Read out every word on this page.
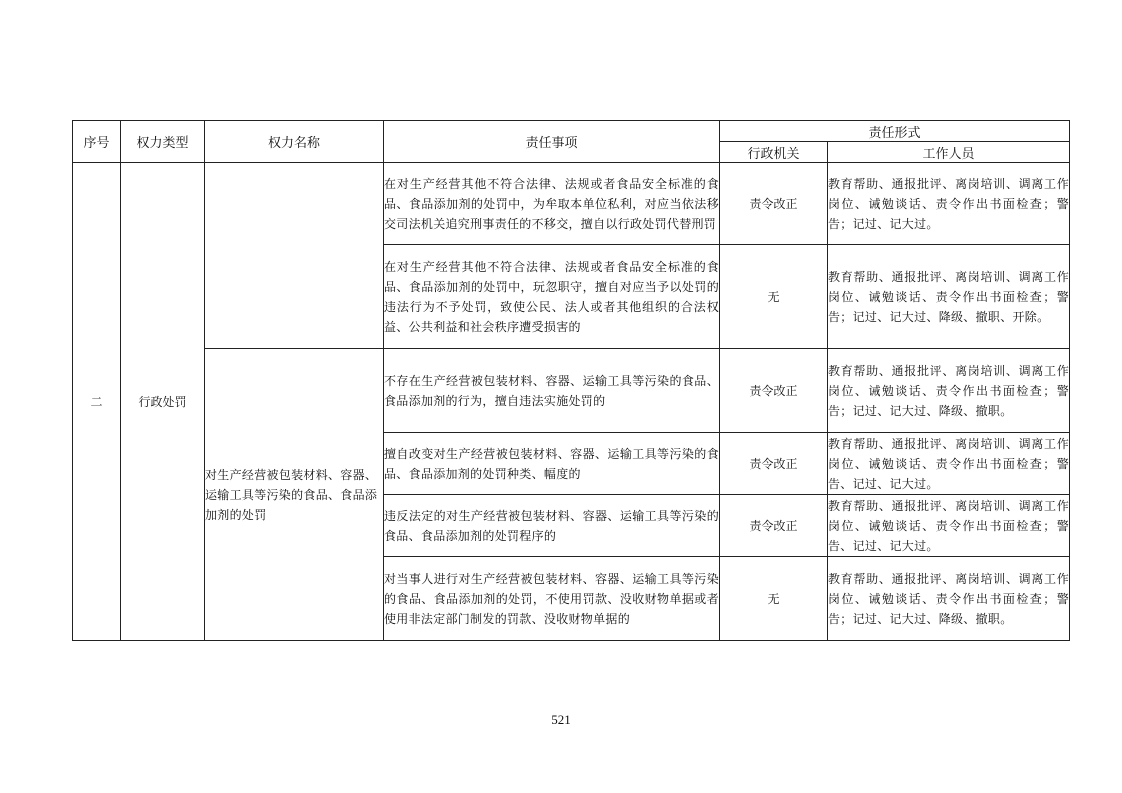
序号	权力类型	权力名称	责任事项	责任形式	
				行政机关	工作人员
二	行政处罚		在对生产经营其他不符合法律、法规或者食品安全标准的食品、食品添加剂的处罚中，为牟取本单位私利，对应当依法移交司法机关追究刑事责任的不移交，擅自以行政处罚代替刑罚	责令改正	教育帮助、通报批评、离岗培训、调离工作岗位、诫勉谈话、责令作出书面检查；警告；记过、记大过。
			在对生产经营其他不符合法律、法规或者食品安全标准的食品、食品添加剂的处罚中，玩忽职守，擅自对应当予以处罚的违法行为不予处罚，致使公民、法人或者其他组织的合法权益、公共利益和社会秩序遭受损害的	无	教育帮助、通报批评、离岗培训、调离工作岗位、诫勉谈话、责令作出书面检查；警告；记过、记大过、降级、撤职、开除。
		对生产经营被包装材料、容器、运输工具等污染的食品、食品添加剂的处罚	不存在生产经营被包装材料、容器、运输工具等污染的食品、食品添加剂的行为，擅自违法实施处罚的	责令改正	教育帮助、通报批评、离岗培训、调离工作岗位、诫勉谈话、责令作出书面检查；警告；记过、记大过、降级、撤职。
			擅自改变对生产经营被包装材料、容器、运输工具等污染的食品、食品添加剂的处罚种类、幅度的	责令改正	教育帮助、通报批评、离岗培训、调离工作岗位、诫勉谈话、责令作出书面检查；警告、记过、记大过。
			违反法定的对生产经营被包装材料、容器、运输工具等污染的食品、食品添加剂的处罚程序的	责令改正	教育帮助、通报批评、离岗培训、调离工作岗位、诫勉谈话、责令作出书面检查；警告、记过、记大过。
			对当事人进行对生产经营被包装材料、容器、运输工具等污染的食品、食品添加剂的处罚，不使用罚款、没收财物单据或者使用非法定部门制发的罚款、没收财物单据的	无	教育帮助、通报批评、离岗培训、调离工作岗位、诫勉谈话、责令作出书面检查；警告；记过、记大过、降级、撤职。
521
